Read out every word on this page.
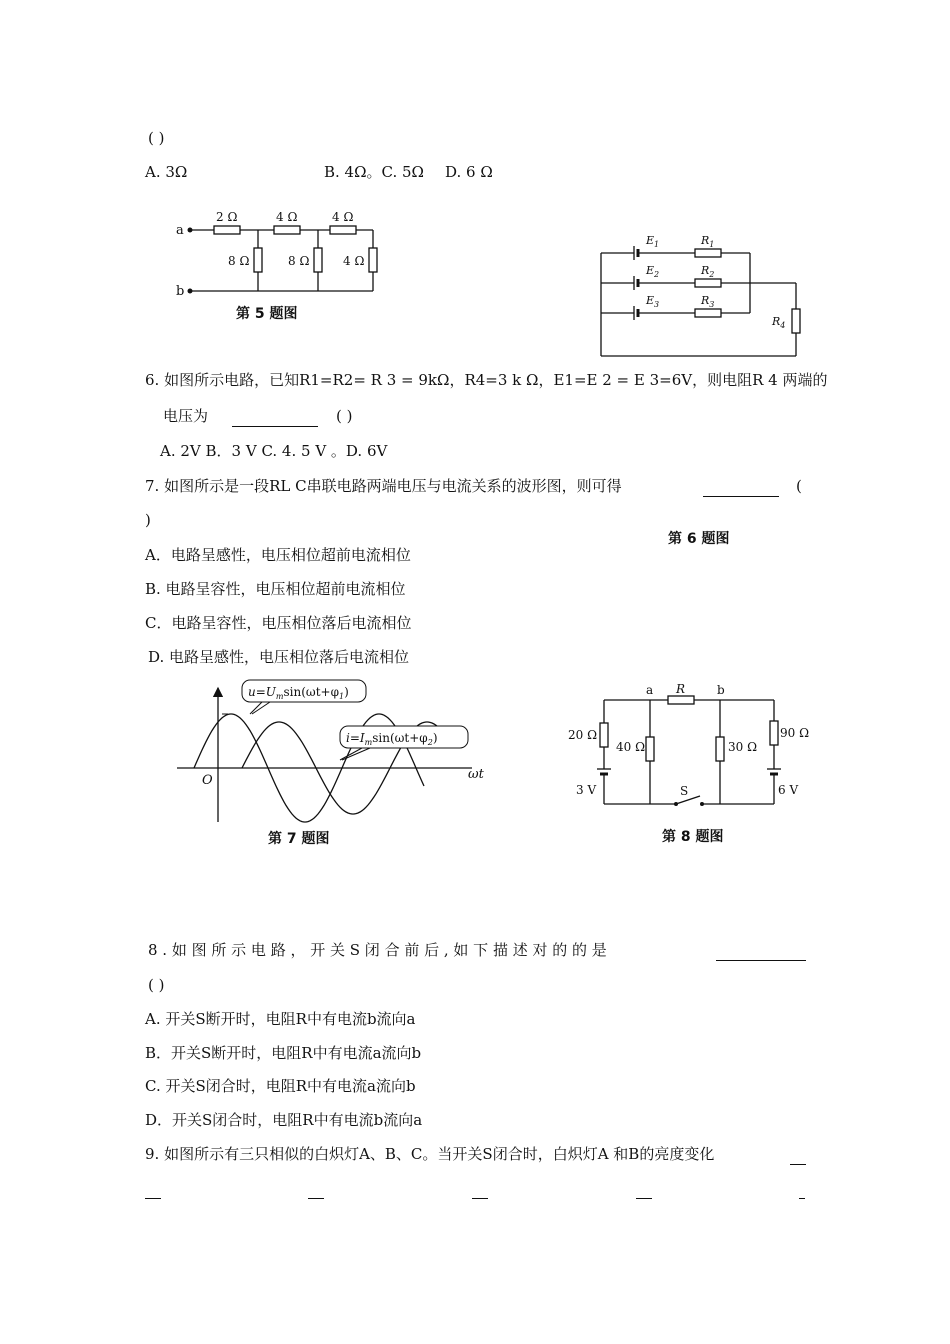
( )
A. 3Ω	B. 4Ω。C. 5Ω D. 6 Ω
a
b
2 Ω	4 Ω	4 Ω
8 Ω	8 Ω	4 Ω
第 5 题图
$E_1$
$E_2$
$E_3$
$R_1$
$R_2$
$R_3$
$R_4$
6. 如图所示电路，已知R1=R2= R 3 = 9kΩ，R4=3 k Ω，E1=E 2 = E 3=6V，则电阻R 4 两端的
电压为	( )
A. 2V B．3 V C. 4. 5 V 。D. 6V
7. 如图所示是一段RL C串联电路两端电压与电流关系的波形图，则可得	(
)
第 6 题图
A．电路呈感性，电压相位超前电流相位
B. 电路呈容性，电压相位超前电流相位
C．电路呈容性，电压相位落后电流相位
D. 电路呈感性，电压相位落后电流相位
$u=U_m\sin(\omega t+\varphi_1)$
$i=I_m\sin(\omega t+\varphi_2)$
O	ωt
第 7 题图
a R	b
20 Ω
40 Ω	30 Ω
90 Ω
3 V	6 V
S
第 8 题图
8 . 如 图 所 示 电 路 ， 开 关 S 闭 合 前 后 , 如 下 描 述 对 的 的 是
( )
A. 开关S断开时，电阻R中有电流b流向a
B．开关S断开时，电阻R中有电流a流向b
C. 开关S闭合时，电阻R中有电流a流向b
D．开关S闭合时，电阻R中有电流b流向a
9. 如图所示有三只相似的白炽灯A、B、C。当开关S闭合时，白炽灯A 和B的亮度变化
